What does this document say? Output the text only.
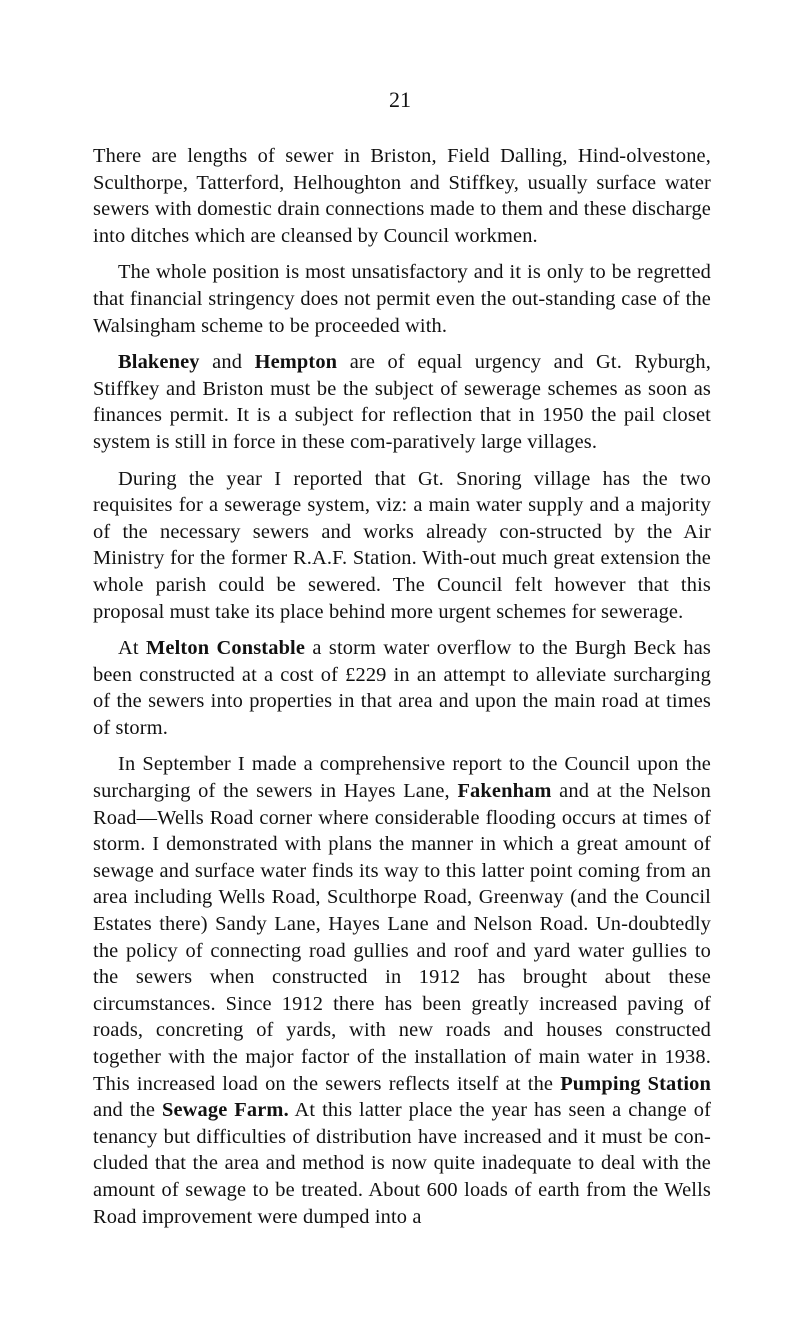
21

There are lengths of sewer in Briston, Field Dalling, Hind-olvestone, Sculthorpe, Tatterford, Helhoughton and Stiffkey, usually surface water sewers with domestic drain connections made to them and these discharge into ditches which are cleansed by Council workmen.

The whole position is most unsatisfactory and it is only to be regretted that financial stringency does not permit even the out-standing case of the Walsingham scheme to be proceeded with.

Blakeney and Hempton are of equal urgency and Gt. Ryburgh, Stiffkey and Briston must be the subject of sewerage schemes as soon as finances permit. It is a subject for reflection that in 1950 the pail closet system is still in force in these com-paratively large villages.

During the year I reported that Gt. Snoring village has the two requisites for a sewerage system, viz: a main water supply and a majority of the necessary sewers and works already con-structed by the Air Ministry for the former R.A.F. Station. With-out much great extension the whole parish could be sewered. The Council felt however that this proposal must take its place behind more urgent schemes for sewerage.

At Melton Constable a storm water overflow to the Burgh Beck has been constructed at a cost of £229 in an attempt to alleviate surcharging of the sewers into properties in that area and upon the main road at times of storm.

In September I made a comprehensive report to the Council upon the surcharging of the sewers in Hayes Lane, Fakenham and at the Nelson Road—Wells Road corner where considerable flooding occurs at times of storm. I demonstrated with plans the manner in which a great amount of sewage and surface water finds its way to this latter point coming from an area including Wells Road, Sculthorpe Road, Greenway (and the Council Estates there) Sandy Lane, Hayes Lane and Nelson Road. Un-doubtedly the policy of connecting road gullies and roof and yard water gullies to the sewers when constructed in 1912 has brought about these circumstances. Since 1912 there has been greatly increased paving of roads, concreting of yards, with new roads and houses constructed together with the major factor of the installation of main water in 1938. This increased load on the sewers reflects itself at the Pumping Station and the Sewage Farm. At this latter place the year has seen a change of tenancy but difficulties of distribution have increased and it must be con-cluded that the area and method is now quite inadequate to deal with the amount of sewage to be treated. About 600 loads of earth from the Wells Road improvement were dumped into a
